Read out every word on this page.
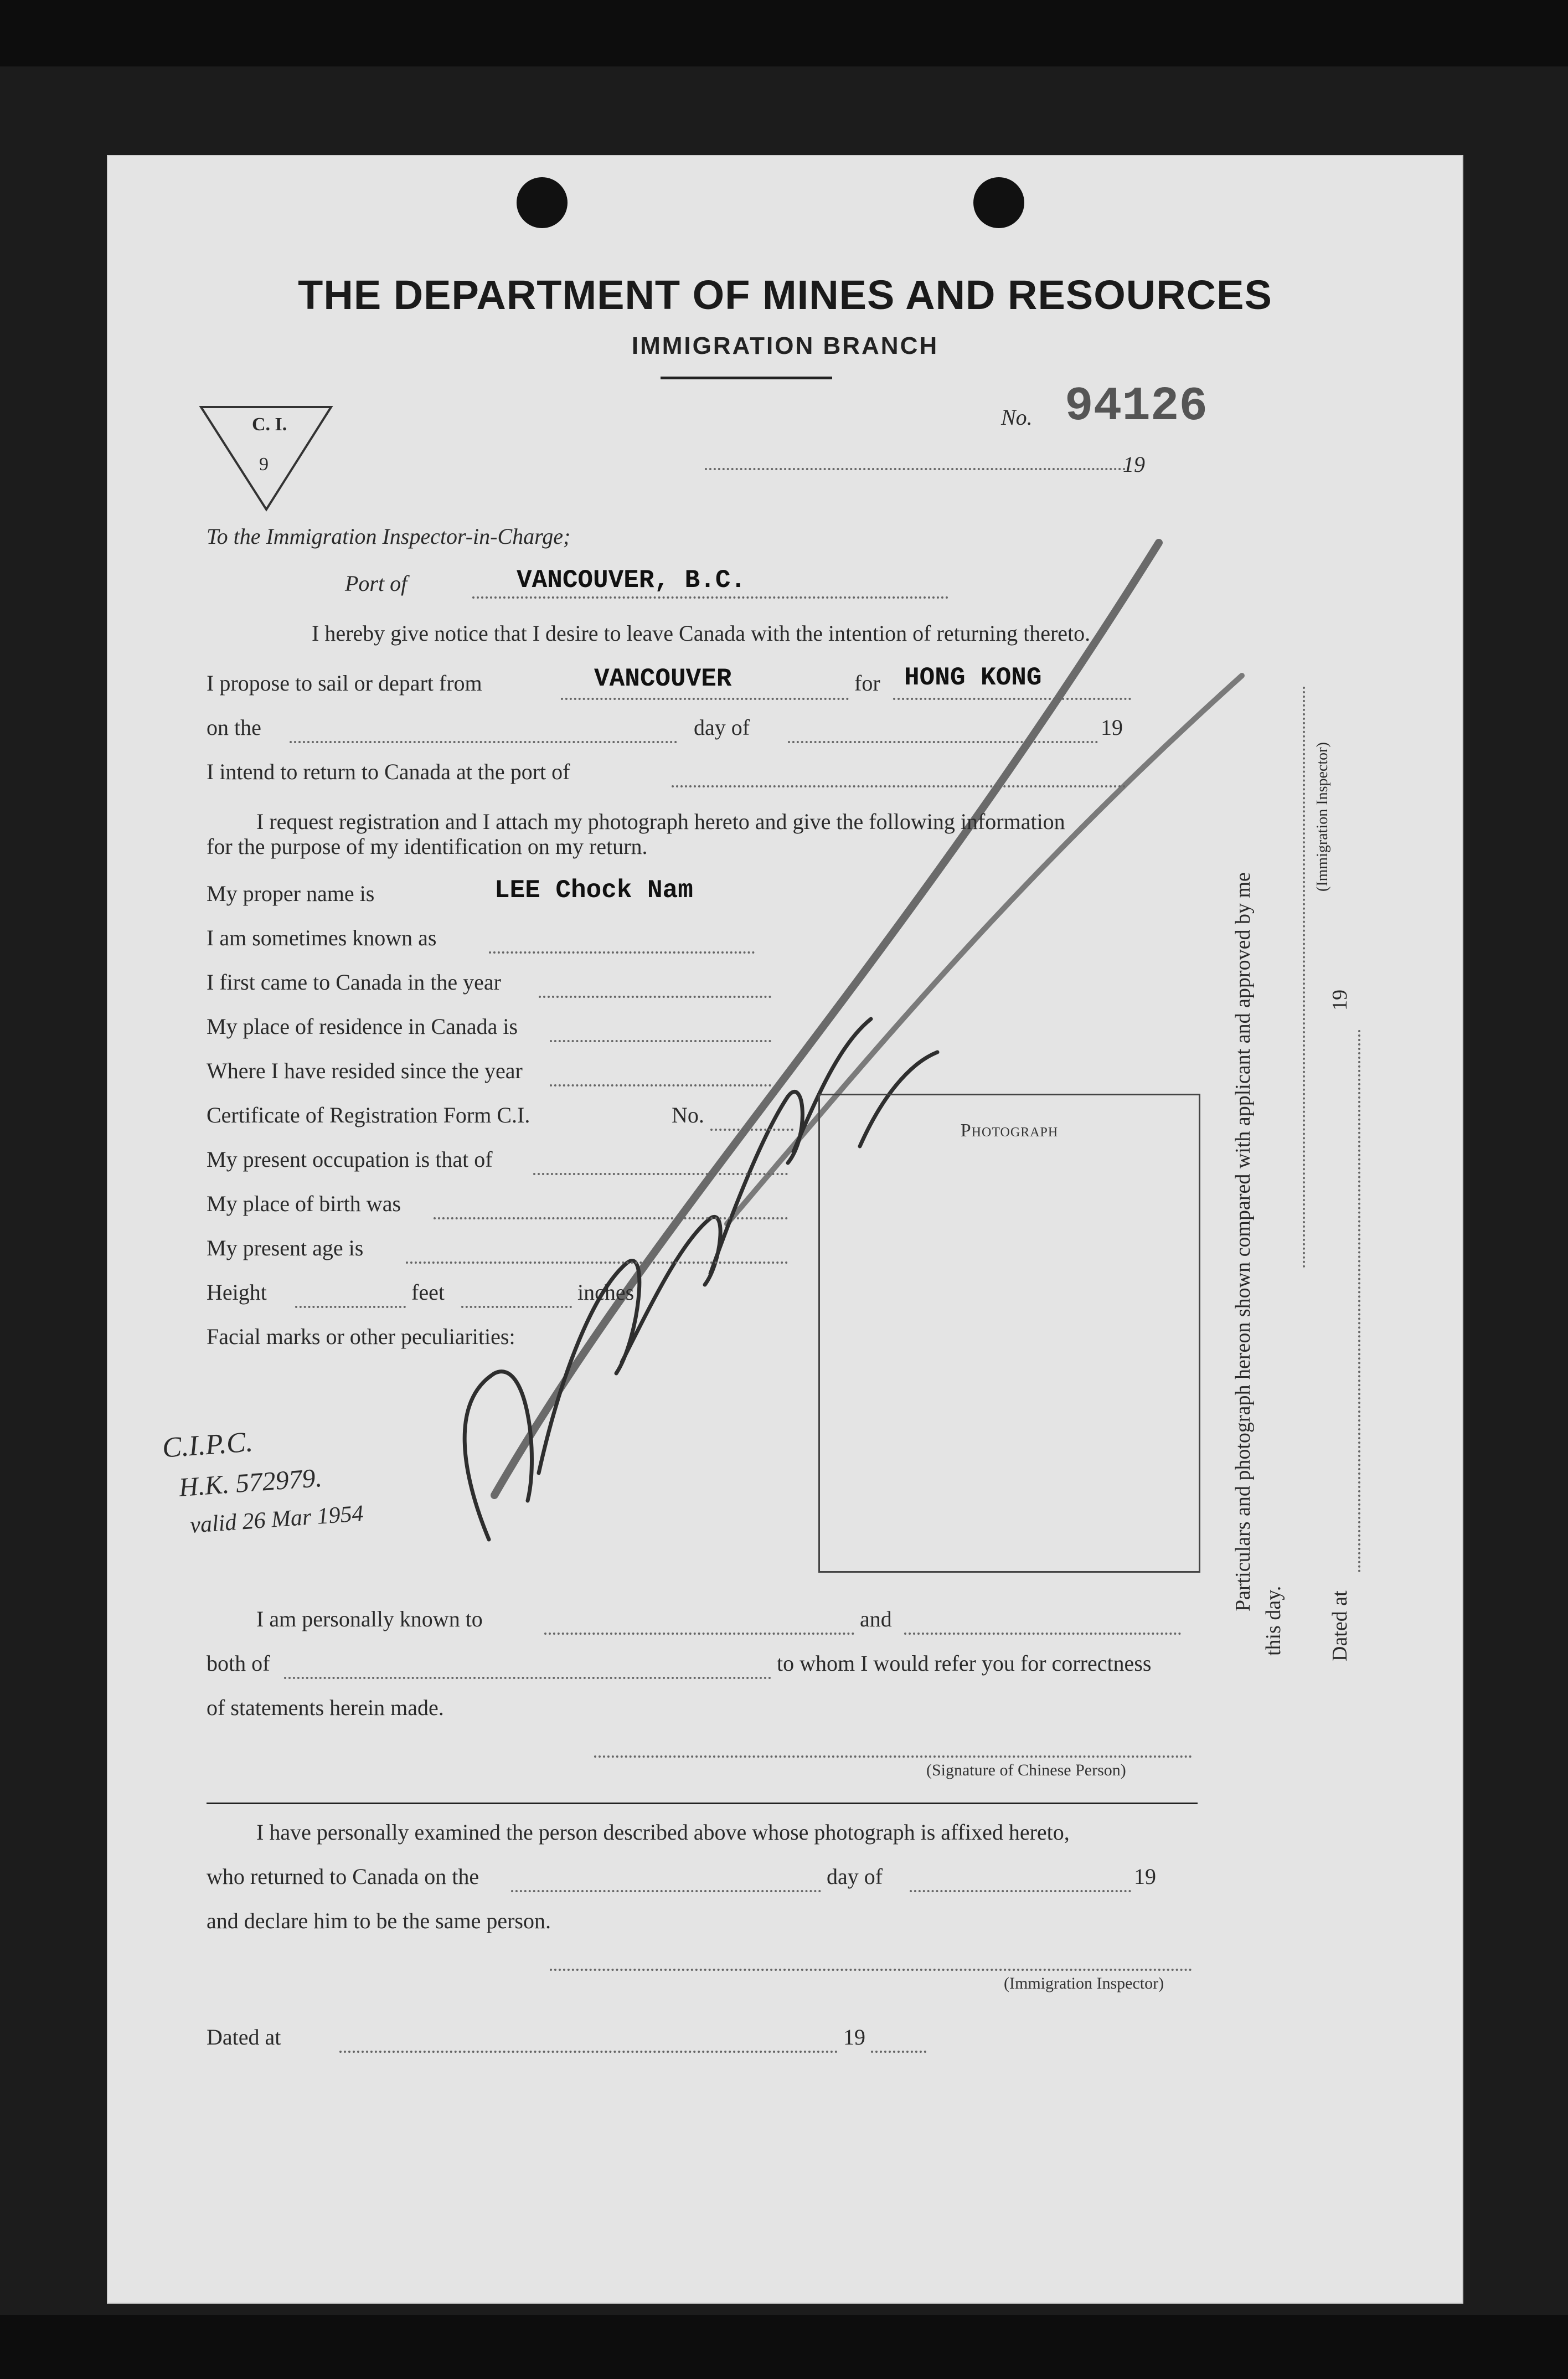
THE DEPARTMENT OF MINES AND RESOURCES
IMMIGRATION BRANCH
C. I.
9
No. 94126
19
To the Immigration Inspector-in-Charge;
Port of	VANCOUVER, B.C.
I hereby give notice that I desire to leave Canada with the intention of returning thereto.
I propose to sail or depart from	VANCOUVER	for HONG KONG
on the	day of	19
I intend to return to Canada at the port of
I request registration and I attach my photograph hereto and give the following information
for the purpose of my identification on my return.
My proper name is	LEE Chock Nam
I am sometimes known as
I first came to Canada in the year
My place of residence in Canada is
Where I have resided since the year
Certificate of Registration Form C.I.	No.
My present occupation is that of
My place of birth was
My present age is
Height	feet	inches
Facial marks or other peculiarities:
Photograph
C.I.P.C.
H.K. 572979.
valid 26 Mar 1954
I am personally known to	and
both of	to whom I would refer you for correctness
of statements herein made.
(Signature of Chinese Person)
I have personally examined the person described above whose photograph is affixed hereto,
who returned to Canada on the	day of	19
and declare him to be the same person.
(Immigration Inspector)
Dated at	19
Particulars and photograph hereon shown compared with applicant and approved by me
this day.
(Immigration Inspector)
19
Dated at
